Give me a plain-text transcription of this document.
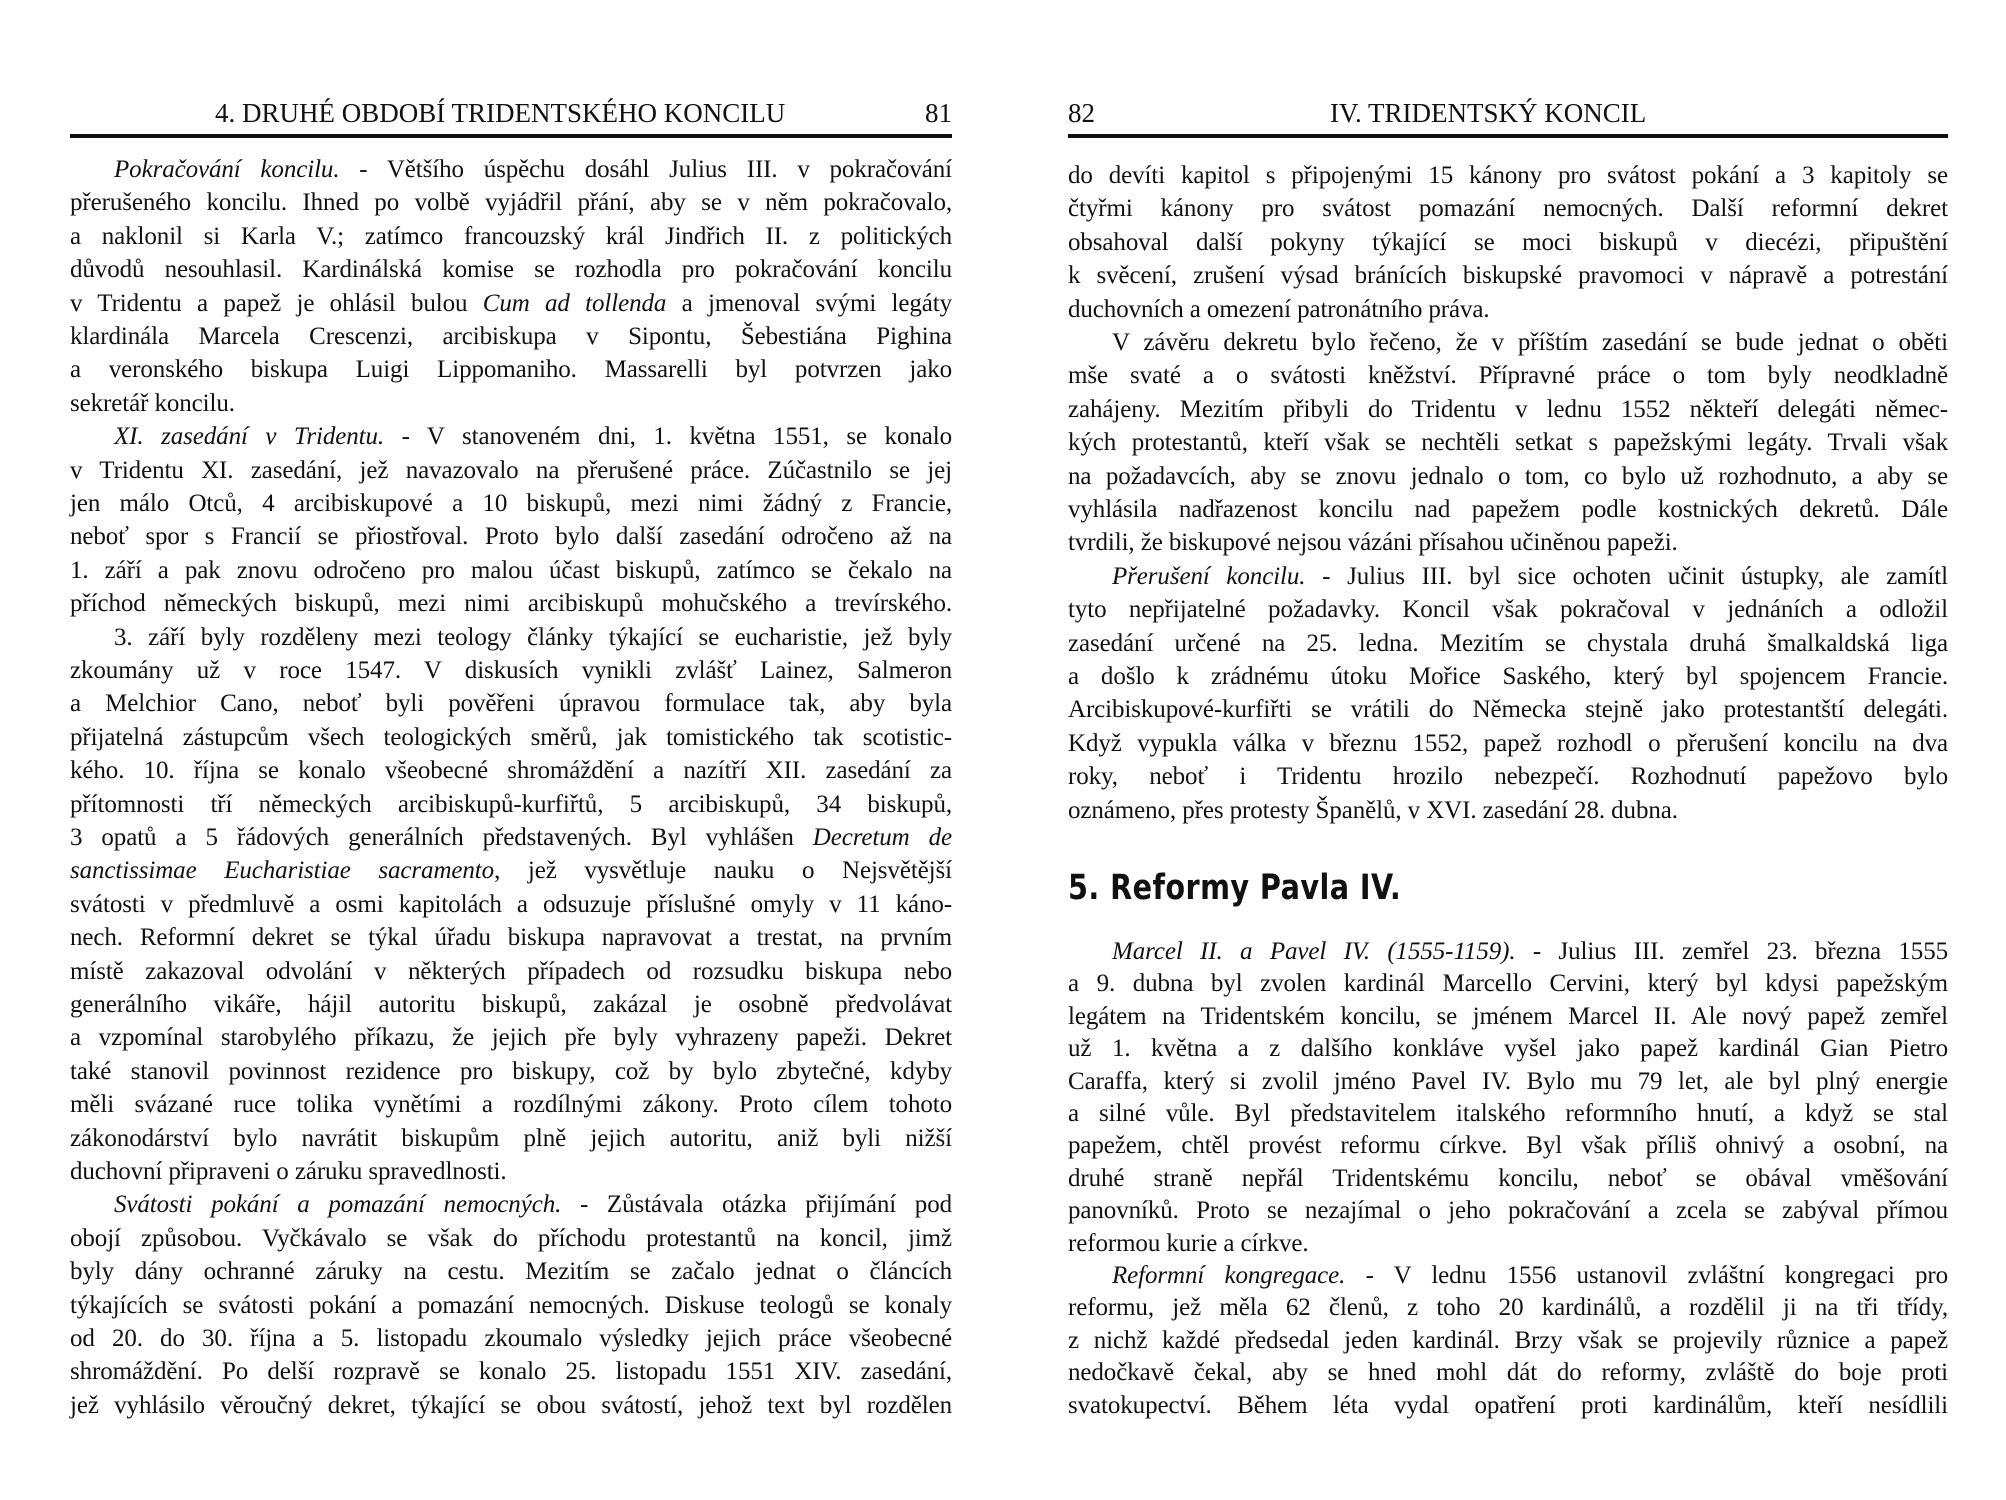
4. DRUHÉ OBDOBÍ TRIDENTSKÉHO KONCILU	81
Pokračování koncilu. - Většího úspěchu dosáhl Julius III. v pokračování
přerušeného koncilu. Ihned po volbě vyjádřil přání, aby se v něm pokračovalo,
a naklonil si Karla V.; zatímco francouzský král Jindřich II. z politických
důvodů nesouhlasil. Kardinálská komise se rozhodla pro pokračování koncilu
v Tridentu a papež je ohlásil bulou Cum ad tollenda a jmenoval svými legáty
klardinála Marcela Crescenzi, arcibiskupa v Sipontu, Šebestiána Pighina
a veronského biskupa Luigi Lippomaniho. Massarelli byl potvrzen jako
sekretář koncilu.
XI. zasedání v Tridentu. - V stanoveném dni, 1. května 1551, se konalo
v Tridentu XI. zasedání, jež navazovalo na přerušené práce. Zúčastnilo se jej
jen málo Otců, 4 arcibiskupové a 10 biskupů, mezi nimi žádný z Francie,
neboť spor s Francií se přiostřoval. Proto bylo další zasedání odročeno až na
1. září a pak znovu odročeno pro malou účast biskupů, zatímco se čekalo na
příchod německých biskupů, mezi nimi arcibiskupů mohučského a trevírského.
3. září byly rozděleny mezi teology články týkající se eucharistie, jež byly
zkoumány už v roce 1547. V diskusích vynikli zvlášť Lainez, Salmeron
a Melchior Cano, neboť byli pověřeni úpravou formulace tak, aby byla
přijatelná zástupcům všech teologických směrů, jak tomistického tak scotistic-
kého. 10. října se konalo všeobecné shromáždění a nazítří XII. zasedání za
přítomnosti tří německých arcibiskupů-kurfiřtů, 5 arcibiskupů, 34 biskupů,
3 opatů a 5 řádových generálních představených. Byl vyhlášen Decretum de
sanctissimae Eucharistiae sacramento, jež vysvětluje nauku o Nejsvětější
svátosti v předmluvě a osmi kapitolách a odsuzuje příslušné omyly v 11 káno-
nech. Reformní dekret se týkal úřadu biskupa napravovat a trestat, na prvním
místě zakazoval odvolání v některých případech od rozsudku biskupa nebo
generálního vikáře, hájil autoritu biskupů, zakázal je osobně předvolávat
a vzpomínal starobylého příkazu, že jejich pře byly vyhrazeny papeži. Dekret
také stanovil povinnost rezidence pro biskupy, což by bylo zbytečné, kdyby
měli svázané ruce tolika vynětími a rozdílnými zákony. Proto cílem tohoto
zákonodárství bylo navrátit biskupům plně jejich autoritu, aniž byli nižší
duchovní připraveni o záruku spravedlnosti.
Svátosti pokání a pomazání nemocných. - Zůstávala otázka přijímání pod
obojí způsobou. Vyčkávalo se však do příchodu protestantů na koncil, jimž
byly dány ochranné záruky na cestu. Mezitím se začalo jednat o článcích
týkajících se svátosti pokání a pomazání nemocných. Diskuse teologů se konaly
od 20. do 30. října a 5. listopadu zkoumalo výsledky jejich práce všeobecné
shromáždění. Po delší rozpravě se konalo 25. listopadu 1551 XIV. zasedání,
jež vyhlásilo věroučný dekret, týkající se obou svátostí, jehož text byl rozdělen
82	IV. TRIDENTSKÝ KONCIL
do devíti kapitol s připojenými 15 kánony pro svátost pokání a 3 kapitoly se
čtyřmi kánony pro svátost pomazání nemocných. Další reformní dekret
obsahoval další pokyny týkající se moci biskupů v diecézi, připuštění
k svěcení, zrušení výsad bránících biskupské pravomoci v nápravě a potrestání
duchovních a omezení patronátního práva.
V závěru dekretu bylo řečeno, že v příštím zasedání se bude jednat o oběti
mše svaté a o svátosti kněžství. Přípravné práce o tom byly neodkladně
zahájeny. Mezitím přibyli do Tridentu v lednu 1552 někteří delegáti němec-
kých protestantů, kteří však se nechtěli setkat s papežskými legáty. Trvali však
na požadavcích, aby se znovu jednalo o tom, co bylo už rozhodnuto, a aby se
vyhlásila nadřazenost koncilu nad papežem podle kostnických dekretů. Dále
tvrdili, že biskupové nejsou vázáni přísahou učiněnou papeži.
Přerušení koncilu. - Julius III. byl sice ochoten učinit ústupky, ale zamítl
tyto nepřijatelné požadavky. Koncil však pokračoval v jednáních a odložil
zasedání určené na 25. ledna. Mezitím se chystala druhá šmalkaldská liga
a došlo k zrádnému útoku Mořice Saského, který byl spojencem Francie.
Arcibiskupové-kurfiřti se vrátili do Německa stejně jako protestantští delegáti.
Když vypukla válka v březnu 1552, papež rozhodl o přerušení koncilu na dva
roky, neboť i Tridentu hrozilo nebezpečí. Rozhodnutí papežovo bylo
oznámeno, přes protesty Španělů, v XVI. zasedání 28. dubna.
Marcel II. a Pavel IV. (1555-1159). - Julius III. zemřel 23. března 1555
a 9. dubna byl zvolen kardinál Marcello Cervini, který byl kdysi papežským
legátem na Tridentském koncilu, se jménem Marcel II. Ale nový papež zemřel
už 1. května a z dalšího konkláve vyšel jako papež kardinál Gian Pietro
Caraffa, který si zvolil jméno Pavel IV. Bylo mu 79 let, ale byl plný energie
a silné vůle. Byl představitelem italského reformního hnutí, a když se stal
papežem, chtěl provést reformu církve. Byl však příliš ohnivý a osobní, na
druhé straně nepřál Tridentskému koncilu, neboť se obával vměšování
panovníků. Proto se nezajímal o jeho pokračování a zcela se zabýval přímou
reformou kurie a církve.
Reformní kongregace. - V lednu 1556 ustanovil zvláštní kongregaci pro
reformu, jež měla 62 členů, z toho 20 kardinálů, a rozdělil ji na tři třídy,
z nichž každé předsedal jeden kardinál. Brzy však se projevily různice a papež
nedočkavě čekal, aby se hned mohl dát do reformy, zvláště do boje proti
svatokupectví. Během léta vydal opatření proti kardinálům, kteří nesídlili
5. Reformy Pavla IV.
